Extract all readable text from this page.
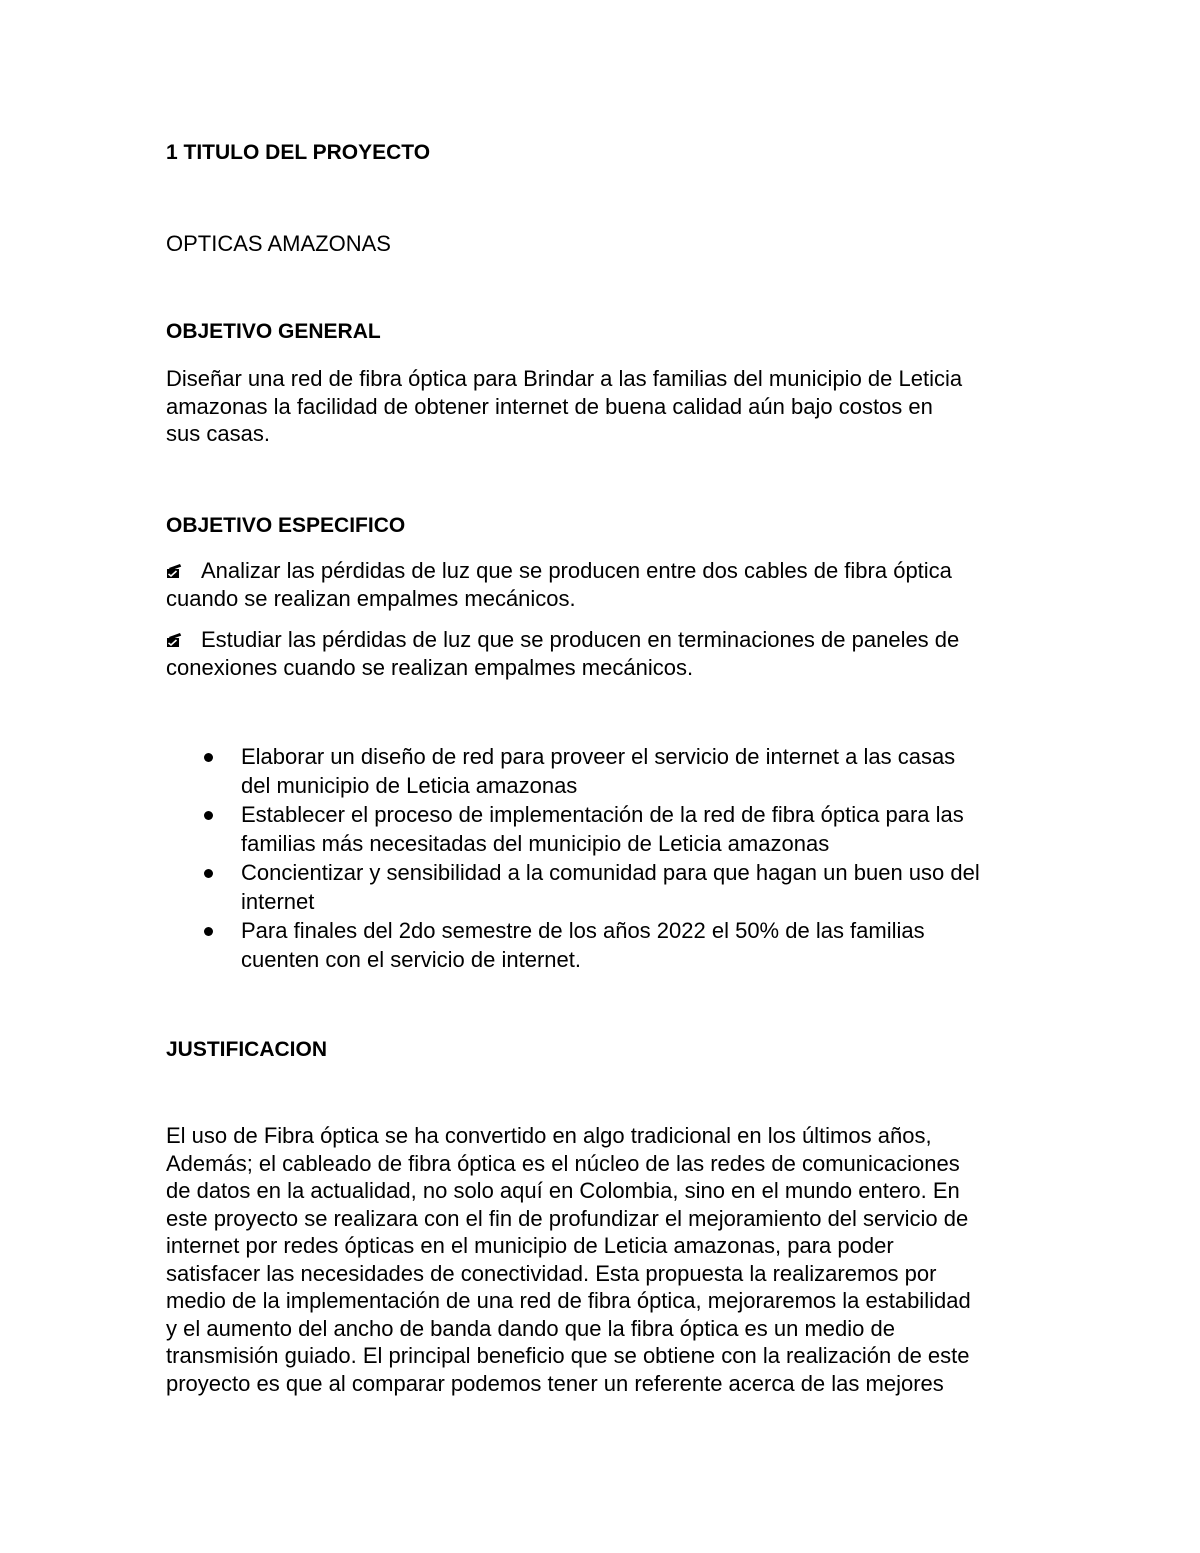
1 TITULO DEL PROYECTO

OPTICAS AMAZONAS

OBJETIVO GENERAL

Diseñar una red de fibra óptica para Brindar a las familias del municipio de Leticia
amazonas la facilidad de obtener internet de buena calidad aún bajo costos en
sus casas.

OBJETIVO ESPECIFICO

Analizar las pérdidas de luz que se producen entre dos cables de fibra óptica
cuando se realizan empalmes mecánicos.
Estudiar las pérdidas de luz que se producen en terminaciones de paneles de
conexiones cuando se realizan empalmes mecánicos.
Elaborar un diseño de red para proveer el servicio de internet a las casas
del municipio de Leticia amazonas
Establecer el proceso de implementación de la red de fibra óptica para las
familias más necesitadas del municipio de Leticia amazonas
Concientizar y sensibilidad a la comunidad para que hagan un buen uso del
internet
Para finales del 2do semestre de los años 2022 el 50% de las familias
cuenten con el servicio de internet.

JUSTIFICACION

El uso de Fibra óptica se ha convertido en algo tradicional en los últimos años,
Además; el cableado de fibra óptica es el núcleo de las redes de comunicaciones
de datos en la actualidad, no solo aquí en Colombia, sino en el mundo entero. En
este proyecto se realizara con el fin de profundizar el mejoramiento del servicio de
internet por redes ópticas en el municipio de Leticia amazonas, para poder
satisfacer las necesidades de conectividad. Esta propuesta la realizaremos por
medio de la implementación de una red de fibra óptica, mejoraremos la estabilidad
y el aumento del ancho de banda dando que la fibra óptica es un medio de
transmisión guiado. El principal beneficio que se obtiene con la realización de este
proyecto es que al comparar podemos tener un referente acerca de las mejores
